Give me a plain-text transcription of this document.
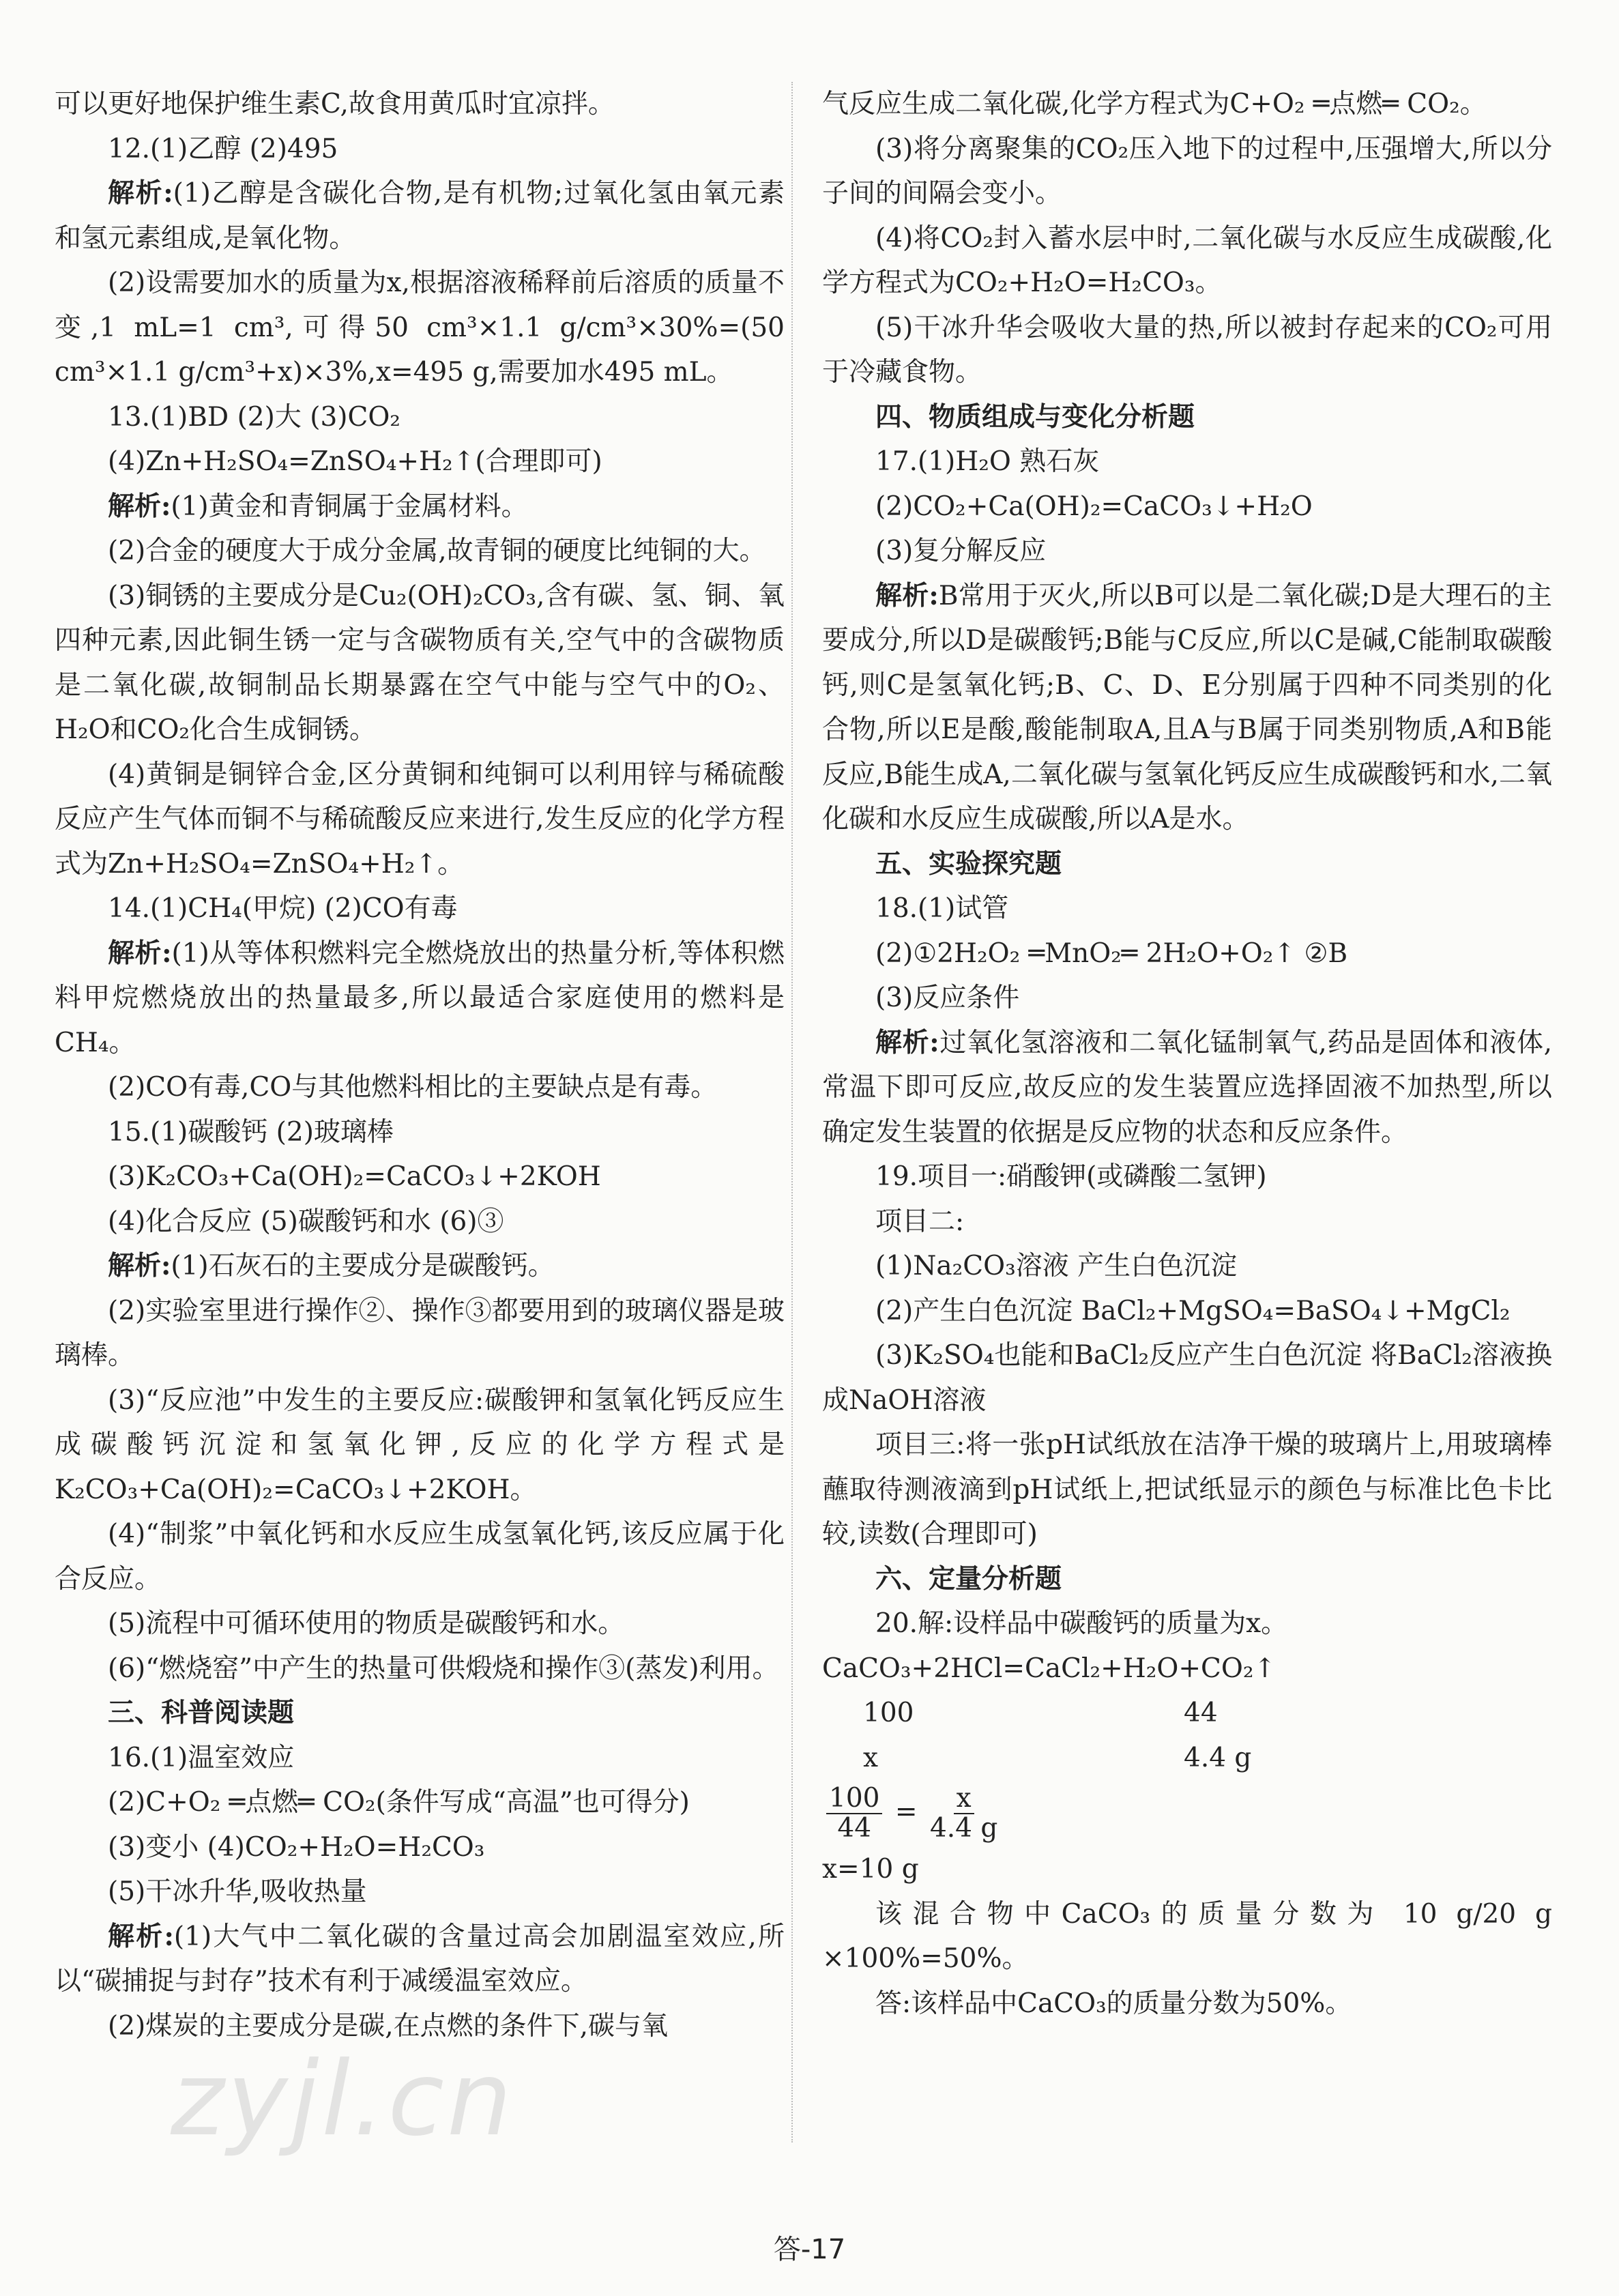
可以更好地保护维生素C,故食用黄瓜时宜凉拌。

12.(1)乙醇 (2)495

解析:(1)乙醇是含碳化合物,是有机物;过氧化氢由氧元素和氢元素组成,是氧化物。

(2)设需要加水的质量为x,根据溶液稀释前后溶质的质量不变,1 mL=1 cm³,可得50 cm³×1.1 g/cm³×30%=(50 cm³×1.1 g/cm³+x)×3%,x=495 g,需要加水495 mL。

13.(1)BD (2)大 (3)CO₂

(4)Zn+H₂SO₄=ZnSO₄+H₂↑(合理即可)

解析:(1)黄金和青铜属于金属材料。

(2)合金的硬度大于成分金属,故青铜的硬度比纯铜的大。

(3)铜锈的主要成分是Cu₂(OH)₂CO₃,含有碳、氢、铜、氧四种元素,因此铜生锈一定与含碳物质有关,空气中的含碳物质是二氧化碳,故铜制品长期暴露在空气中能与空气中的O₂、H₂O和CO₂化合生成铜锈。

(4)黄铜是铜锌合金,区分黄铜和纯铜可以利用锌与稀硫酸反应产生气体而铜不与稀硫酸反应来进行,发生反应的化学方程式为Zn+H₂SO₄=ZnSO₄+H₂↑。

14.(1)CH₄(甲烷) (2)CO有毒

解析:(1)从等体积燃料完全燃烧放出的热量分析,等体积燃料甲烷燃烧放出的热量最多,所以最适合家庭使用的燃料是CH₄。

(2)CO有毒,CO与其他燃料相比的主要缺点是有毒。

15.(1)碳酸钙 (2)玻璃棒

(3)K₂CO₃+Ca(OH)₂=CaCO₃↓+2KOH

(4)化合反应 (5)碳酸钙和水 (6)③

解析:(1)石灰石的主要成分是碳酸钙。

(2)实验室里进行操作②、操作③都要用到的玻璃仪器是玻璃棒。

(3)“反应池”中发生的主要反应:碳酸钾和氢氧化钙反应生成碳酸钙沉淀和氢氧化钾,反应的化学方程式是K₂CO₃+Ca(OH)₂=CaCO₃↓+2KOH。

(4)“制浆”中氧化钙和水反应生成氢氧化钙,该反应属于化合反应。

(5)流程中可循环使用的物质是碳酸钙和水。

(6)“燃烧窑”中产生的热量可供煅烧和操作③(蒸发)利用。

三、科普阅读题

16.(1)温室效应

(2)C+O₂ ═点燃═ CO₂(条件写成“高温”也可得分)

(3)变小 (4)CO₂+H₂O=H₂CO₃

(5)干冰升华,吸收热量

解析:(1)大气中二氧化碳的含量过高会加剧温室效应,所以“碳捕捉与封存”技术有利于减缓温室效应。

(2)煤炭的主要成分是碳,在点燃的条件下,碳与氧

气反应生成二氧化碳,化学方程式为C+O₂ ═点燃═ CO₂。

(3)将分离聚集的CO₂压入地下的过程中,压强增大,所以分子间的间隔会变小。

(4)将CO₂封入蓄水层中时,二氧化碳与水反应生成碳酸,化学方程式为CO₂+H₂O=H₂CO₃。

(5)干冰升华会吸收大量的热,所以被封存起来的CO₂可用于冷藏食物。

四、物质组成与变化分析题

17.(1)H₂O 熟石灰

(2)CO₂+Ca(OH)₂=CaCO₃↓+H₂O

(3)复分解反应

解析:B常用于灭火,所以B可以是二氧化碳;D是大理石的主要成分,所以D是碳酸钙;B能与C反应,所以C是碱,C能制取碳酸钙,则C是氢氧化钙;B、C、D、E分别属于四种不同类别的化合物,所以E是酸,酸能制取A,且A与B属于同类别物质,A和B能反应,B能生成A,二氧化碳与氢氧化钙反应生成碳酸钙和水,二氧化碳和水反应生成碳酸,所以A是水。

五、实验探究题

18.(1)试管

(2)①2H₂O₂ ═MnO₂═ 2H₂O+O₂↑ ②B

(3)反应条件

解析:过氧化氢溶液和二氧化锰制氧气,药品是固体和液体,常温下即可反应,故反应的发生装置应选择固液不加热型,所以确定发生装置的依据是反应物的状态和反应条件。

19.项目一:硝酸钾(或磷酸二氢钾)

项目二:

(1)Na₂CO₃溶液 产生白色沉淀

(2)产生白色沉淀 BaCl₂+MgSO₄=BaSO₄↓+MgCl₂

(3)K₂SO₄也能和BaCl₂反应产生白色沉淀 将BaCl₂溶液换成NaOH溶液

项目三:将一张pH试纸放在洁净干燥的玻璃片上,用玻璃棒蘸取待测液滴到pH试纸上,把试纸显示的颜色与标准比色卡比较,读数(合理即可)

六、定量分析题

20.解:设样品中碳酸钙的质量为x。

CaCO₃+2HCl=CaCl₂+H₂O+CO₂↑

100	44
x	4.4 g
$\frac{100}{44} = \frac{x}{4.4 g}$

x=10 g

该混合物中CaCO₃的质量分数为 10 g/20 g ×100%=50%。

答:该样品中CaCO₃的质量分数为50%。

答-17
zyjl.cn
